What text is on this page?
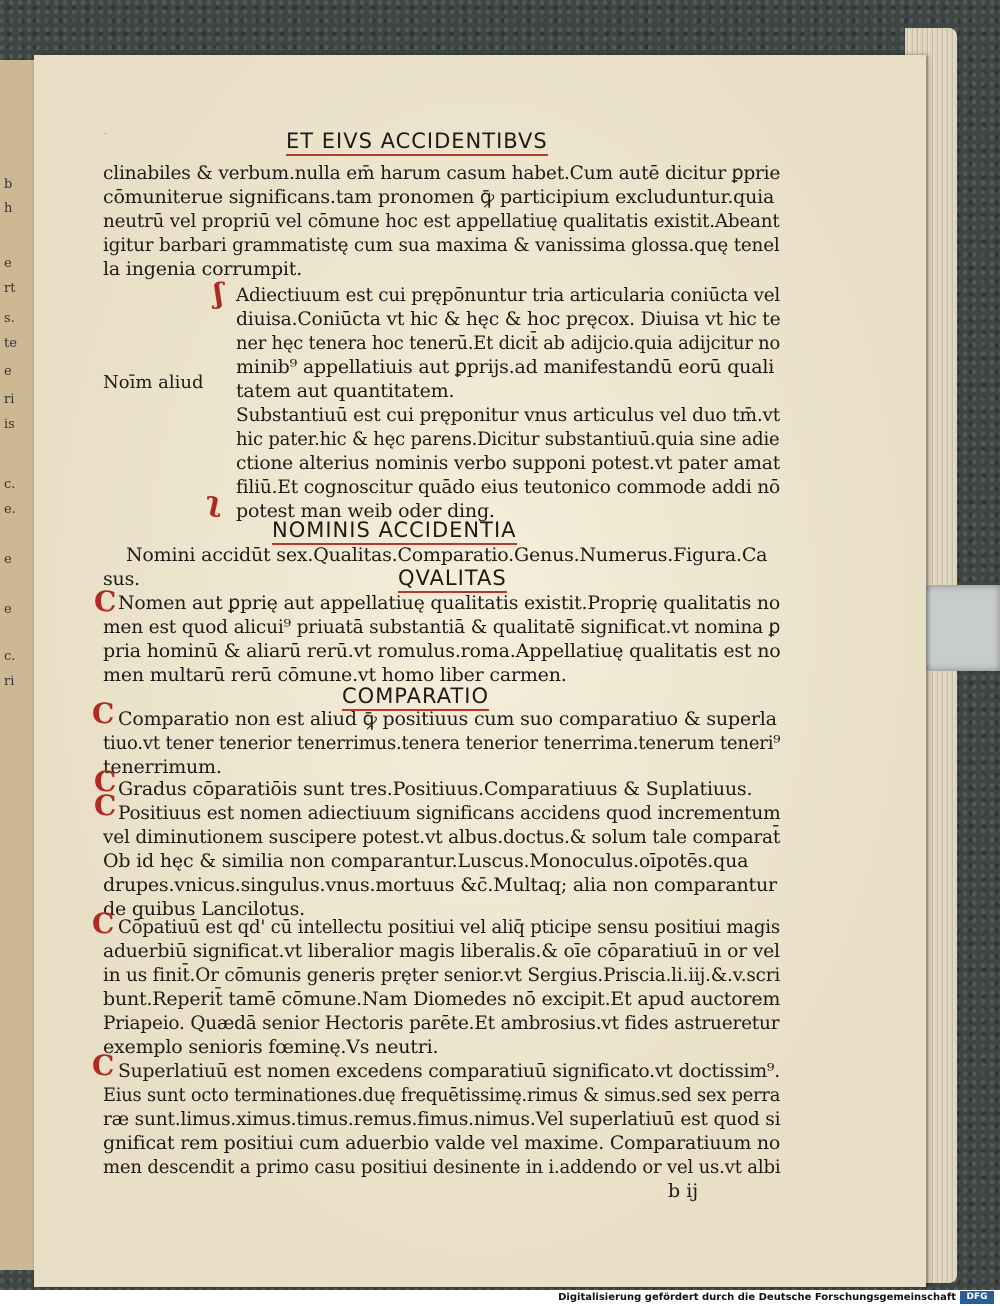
b
h
e
rt
s.
te
e
ri
is
c.
e.
e
e
c.
ri
.	ET EIVS ACCIDENTIBVS
clinabiles & verbum.nulla em̄ harum casum habet.Cum autē dicitur ꝑprie
cōmuniterue significans.tam pronomen ꝙ̄ participium excluduntur.quia
neutrū vel propriū vel cōmune hoc est appellatiuę qualitatis existit.Abeant
igitur barbari grammatistę cum sua maxima & vanissima glossa.quę tenel
la ingenia corrumpit.
ʃ Adiectiuum est cui prępōnuntur tria articularia coniūcta vel
diuisa.Coniūcta vt hic & hęc & hoc pręcox. Diuisa vt hic te
ner hęc tenera hoc tenerū.Et dicit̄ ab adijcio.quia adijcitur no
minib⁹ appellatiuis aut ꝑprijs.ad manifestandū eorū quali
tatem aut quantitatem.
Substantiuū est cui pręponitur vnus articulus vel duo tm̄.vt
hic pater.hic & hęc parens.Dicitur substantiuū.quia sine adie
ctione alterius nominis verbo supponi potest.vt pater amat
filiū.Et cognoscitur quādo eius teutonico commode addi nō
ʅ potest man weib oder ding.
Noīm aliud
NOMINIS ACCIDENTIA
Nomini accidūt sex.Qualitas.Comparatio.Genus.Numerus.Figura.Ca
sus.	QVALITAS
C Nomen aut ꝑprię aut appellatiuę qualitatis existit.Proprię qualitatis no
men est quod alicui⁹ priuatā substantiā & qualitatē significat.vt nomina ꝑ
pria hominū & aliarū rerū.vt romulus.roma.Appellatiuę qualitatis est no
men multarū rerū cōmune.vt homo liber carmen.
COMPARATIO
C Comparatio non est aliud ꝙ̄ positiuus cum suo comparatiuo & superla
tiuo.vt tener tenerior tenerrimus.tenera tenerior tenerrima.tenerum teneri⁹
tenerrimum.
C Gradus cōparatiōis sunt tres.Positiuus.Comparatiuus & Suplatiuus.
C Positiuus est nomen adiectiuum significans accidens quod incrementum
vel diminutionem suscipere potest.vt albus.doctus.& solum tale comparat̄
Ob id hęc & similia non comparantur.Luscus.Monoculus.oīpotēs.qua
drupes.vnicus.singulus.vnus.mortuus &c̄.Multaq; alia non comparantur
de quibus Lancilotus.
C Cōpatiuū est qd' cū intellectu positiui vel aliq̄ pticipe sensu positiui magis
aduerbiū significat.vt liberalior magis liberalis.& oīe cōparatiuū in or vel
in us finit̄.Or cōmunis generis pręter senior.vt Sergius.Priscia.li.iij.&.v.scri
bunt.Reperit̄ tamē cōmune.Nam Diomedes nō excipit.Et apud auctorem
Priapeio. Quædā senior Hectoris parēte.Et ambrosius.vt fides astrueretur
exemplo senioris fœminę.Vs neutri.
C Superlatiuū est nomen excedens comparatiuū significato.vt doctissim⁹.
Eius sunt octo terminationes.duę frequētissimę.rimus & simus.sed sex perra
ræ sunt.limus.ximus.timus.remus.fimus.nimus.Vel superlatiuū est quod si
gnificat rem positiui cum aduerbio valde vel maxime. Comparatiuum no
men descendit a primo casu positiui desinente in i.addendo or vel us.vt albi
b ij
Digitalisierung gefördert durch die Deutsche Forschungsgemeinschaft	DFG
